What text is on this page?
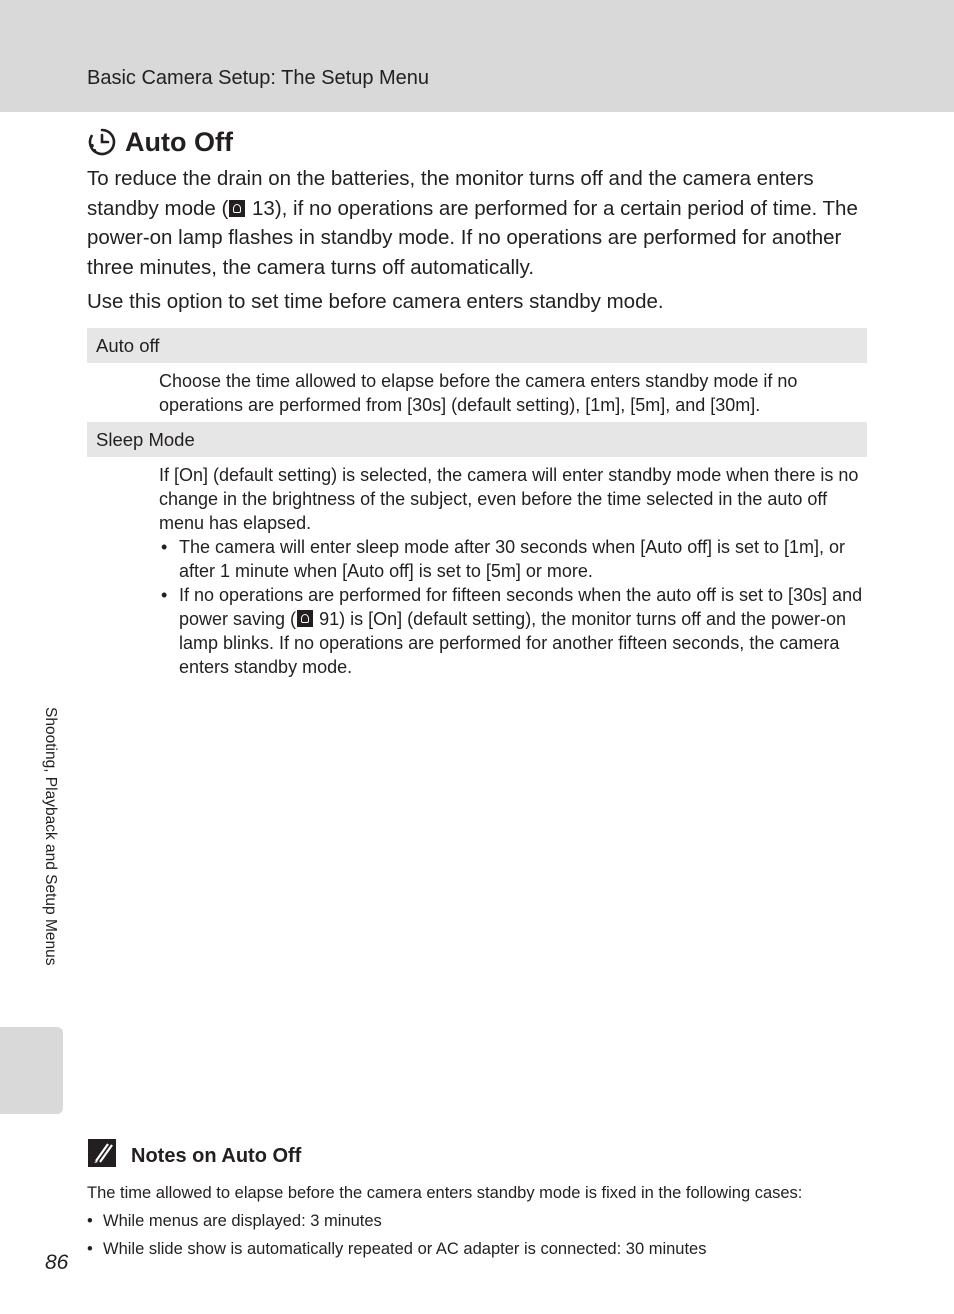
Basic Camera Setup: The Setup Menu
Auto Off

To reduce the drain on the batteries, the monitor turns off and the camera enters standby mode ( 13), if no operations are performed for a certain period of time. The power-on lamp flashes in standby mode. If no operations are performed for another three minutes, the camera turns off automatically.

Use this option to set time before camera enters standby mode.

Auto off

Choose the time allowed to elapse before the camera enters standby mode if no operations are performed from [30s] (default setting), [1m], [5m], and [30m].

Sleep Mode

If [On] (default setting) is selected, the camera will enter standby mode when there is no change in the brightness of the subject, even before the time selected in the auto off menu has elapsed.

• The camera will enter sleep mode after 30 seconds when [Auto off] is set to [1m], or after 1 minute when [Auto off] is set to [5m] or more.
• If no operations are performed for fifteen seconds when the auto off is set to [30s] and power saving ( 91) is [On] (default setting), the monitor turns off and the power-on lamp blinks. If no operations are performed for another fifteen seconds, the camera enters standby mode.
Shooting, Playback and Setup Menus
Notes on Auto Off

The time allowed to elapse before the camera enters standby mode is fixed in the following cases:

• While menus are displayed: 3 minutes
• While slide show is automatically repeated or AC adapter is connected: 30 minutes
86
